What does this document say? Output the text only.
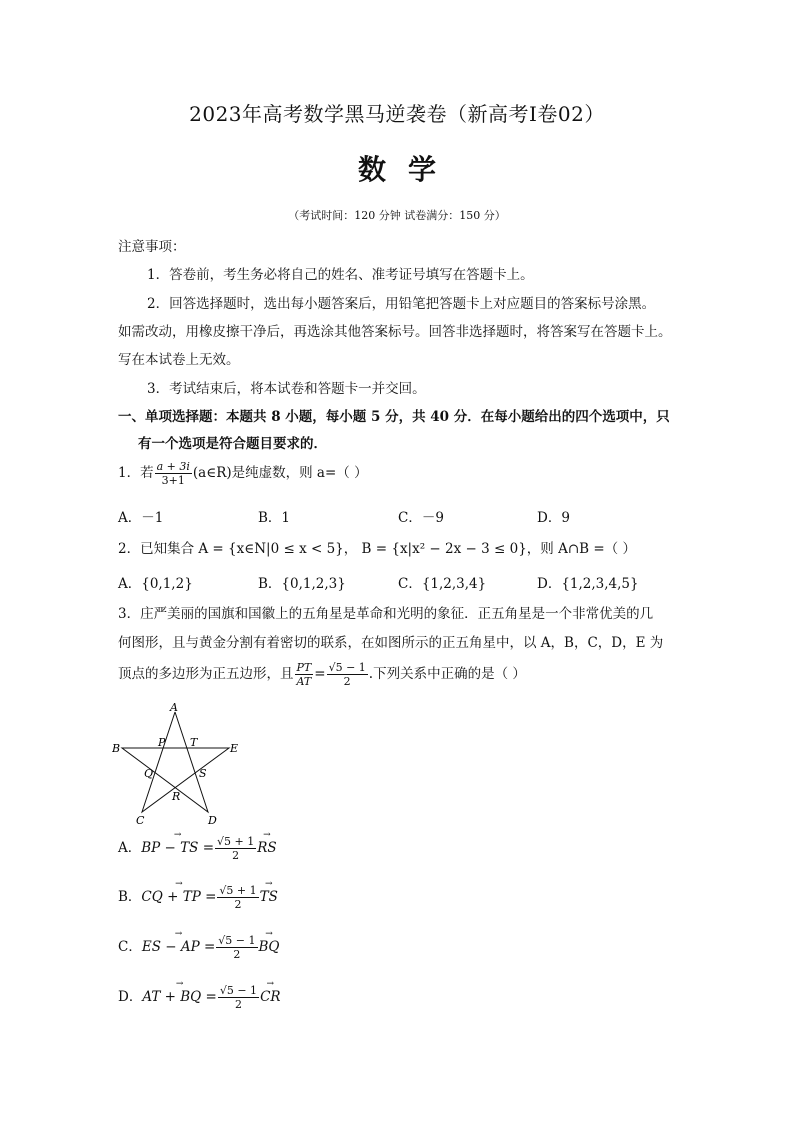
2023年高考数学黑马逆袭卷（新高考Ⅰ卷02）
数学
（考试时间：120 分钟 试卷满分：150 分）
注意事项：
1．答卷前，考生务必将自己的姓名、准考证号填写在答题卡上。
2．回答选择题时，选出每小题答案后，用铅笔把答题卡上对应题目的答案标号涂黑。
如需改动，用橡皮擦干净后，再选涂其他答案标号。回答非选择题时，将答案写在答题卡上。
写在本试卷上无效。
3．考试结束后，将本试卷和答题卡一并交回。
一、单项选择题：本题共 8 小题，每小题 5 分，共 40 分．在每小题给出的四个选项中，只
有一个选项是符合题目要求的．
1．若 $\frac{a + 3i}{3+1}$ (a∈R)是纯虚数，则 a=（ ）
A．－1	B．1	C．－9	D．9
2．已知集合 A = {x∈N|0 ≤ x < 5}， B = {x|x² − 2x − 3 ≤ 0}，则 A∩B =（ ）
A．{0,1,2}	B．{0,1,2,3}	C．{1,2,3,4}	D．{1,2,3,4,5}
3．庄严美丽的国旗和国徽上的五角星是革命和光明的象征．正五角星是一个非常优美的几
何图形，且与黄金分割有着密切的联系，在如图所示的正五角星中，以 A，B，C，D，E 为
顶点的多边形为正五边形，且 $\frac{PT}{AT} = \frac{√5 - 1}{2}$ .下列关系中正确的是（ ）
A
B	E
P T
Q	S
R
C	D
A．→ BP − TS = $\frac{√5 + 1}{2}$ → RS
B．→ CQ + TP = $\frac{√5 + 1}{2}$ → TS
C．→ ES − AP = $\frac{√5 - 1}{2}$ → BQ
D．→ AT + BQ = $\frac{√5 - 1}{2}$ → CR
